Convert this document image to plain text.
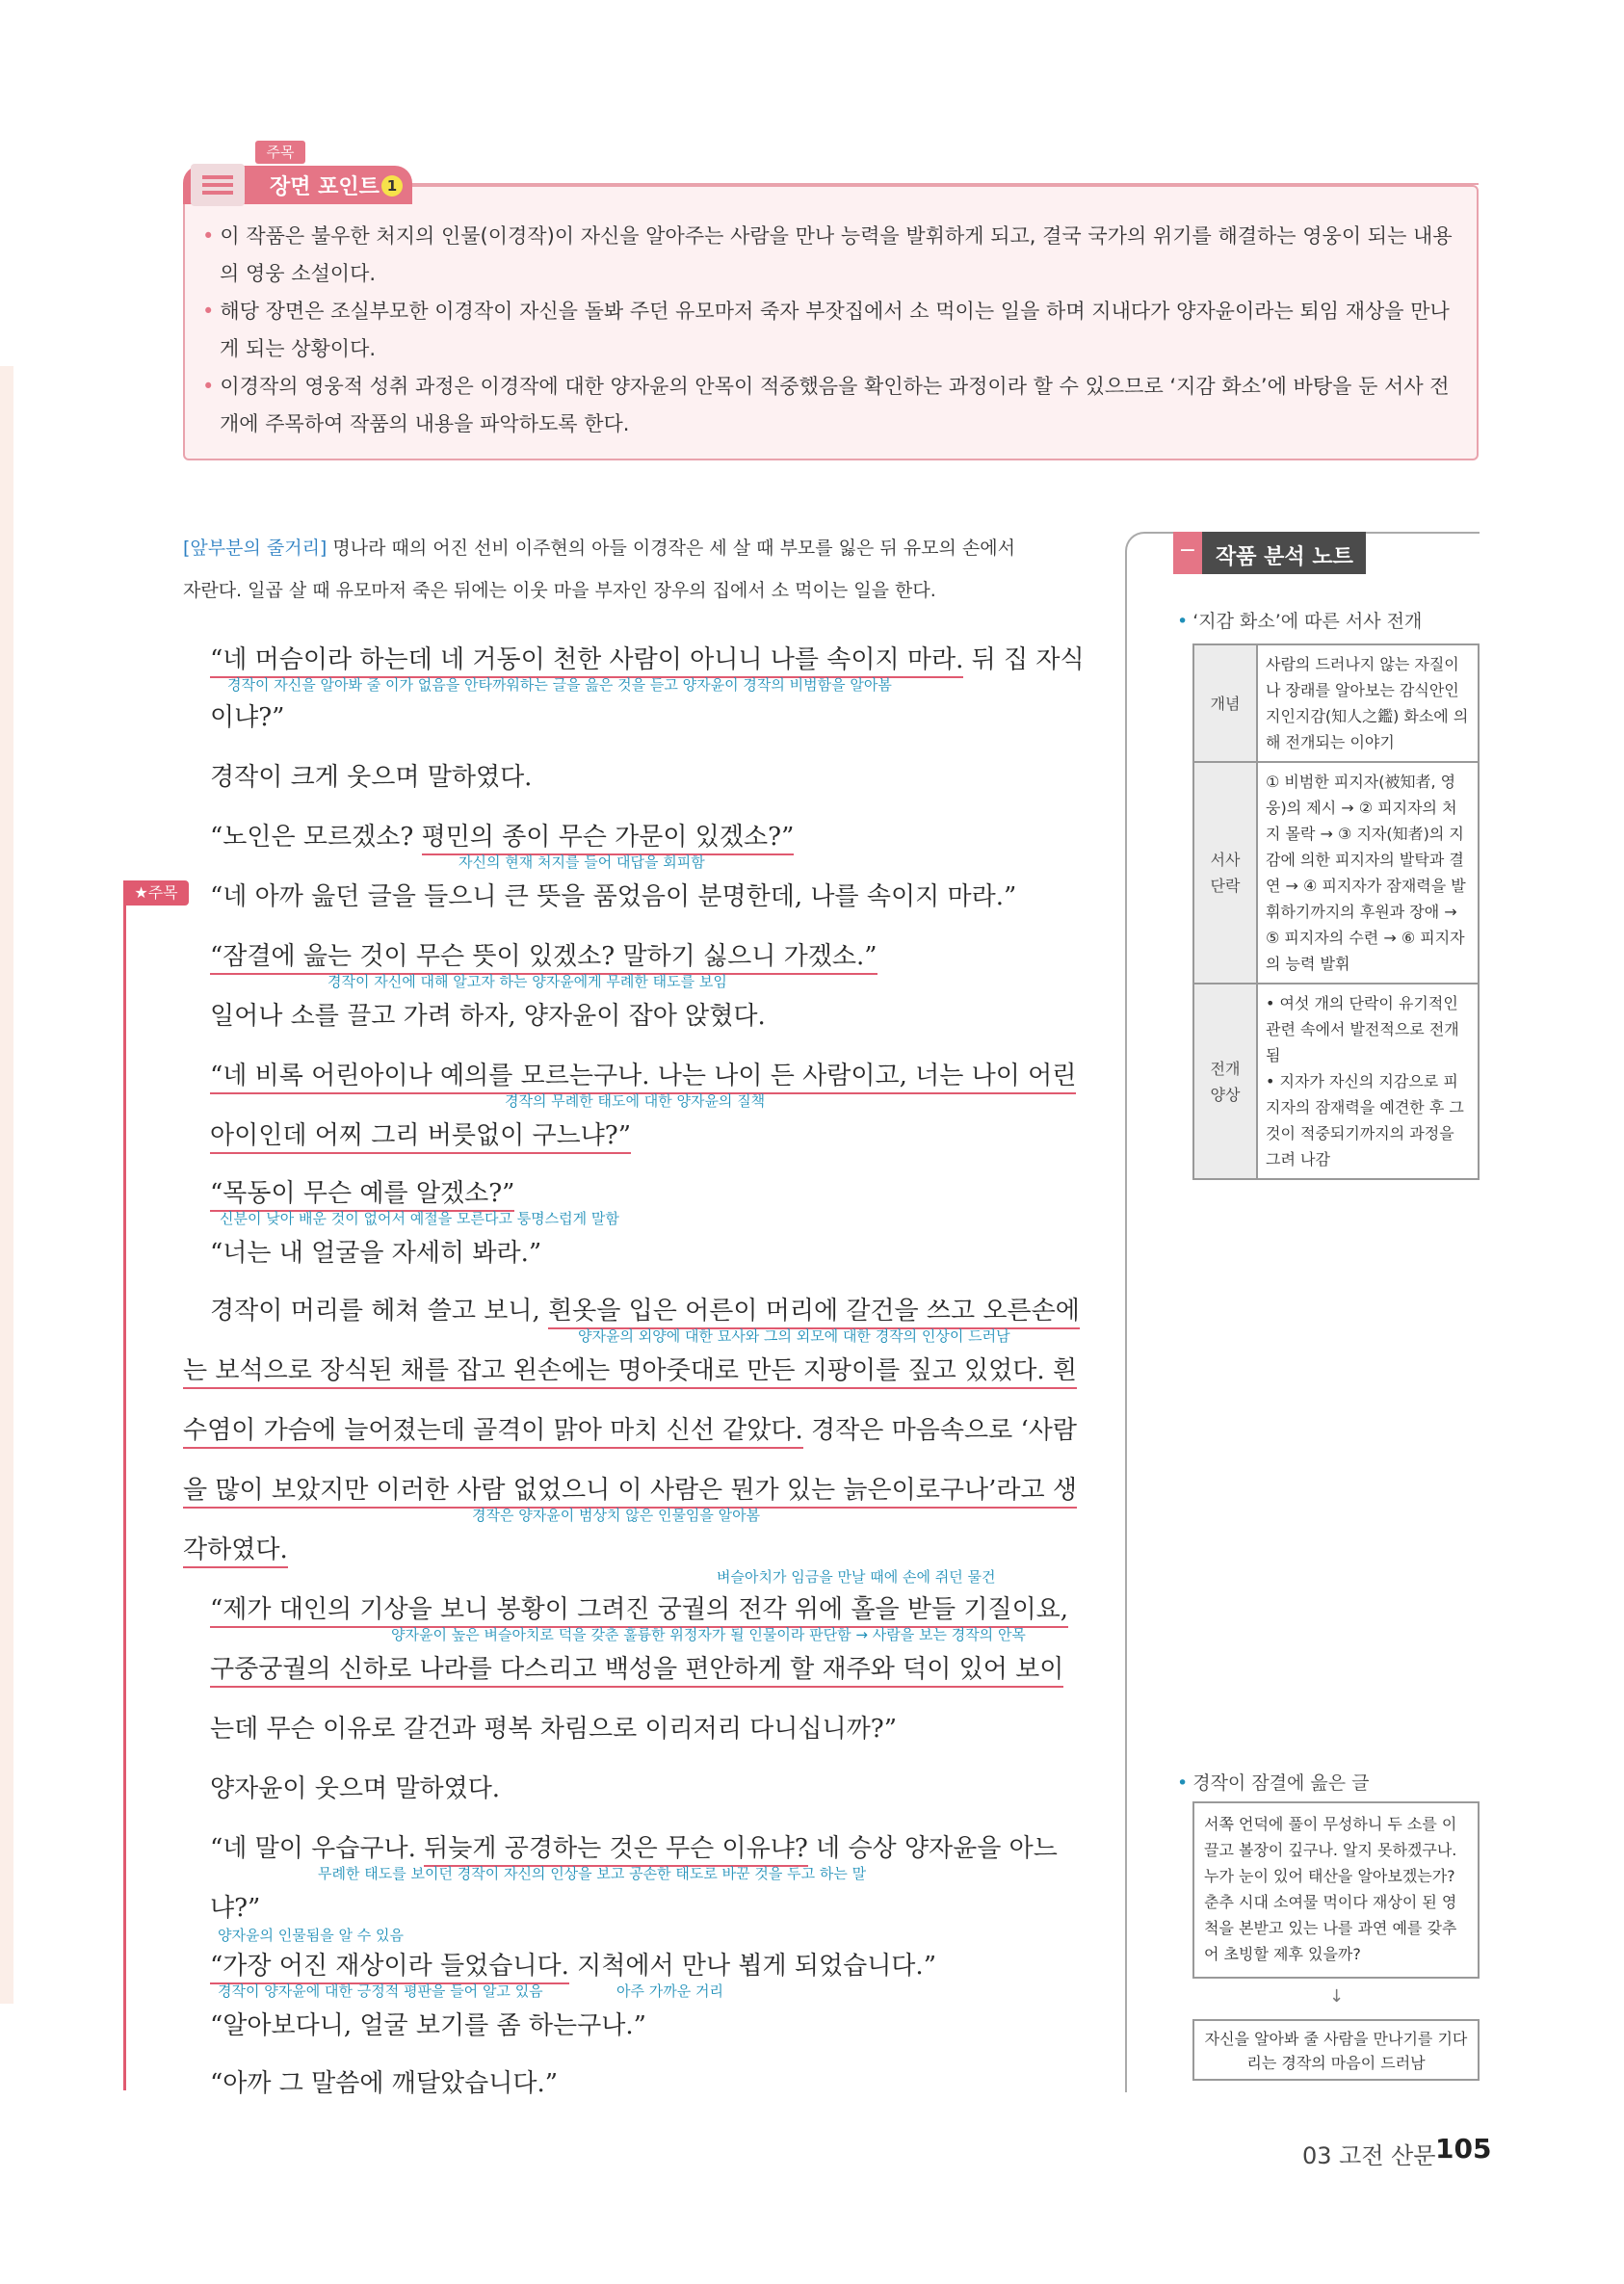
주목
장면 포인트 1
• 이 작품은 불우한 처지의 인물(이경작)이 자신을 알아주는 사람을 만나 능력을 발휘하게 되고, 결국 국가의 위기를 해결하는 영웅이 되는 내용
의 영웅 소설이다.
• 해당 장면은 조실부모한 이경작이 자신을 돌봐 주던 유모마저 죽자 부잣집에서 소 먹이는 일을 하며 지내다가 양자윤이라는 퇴임 재상을 만나
게 되는 상황이다.
• 이경작의 영웅적 성취 과정은 이경작에 대한 양자윤의 안목이 적중했음을 확인하는 과정이라 할 수 있으므로 ‘지감 화소’에 바탕을 둔 서사 전
개에 주목하여 작품의 내용을 파악하도록 한다.
[앞부분의 줄거리] 명나라 때의 어진 선비 이주현의 아들 이경작은 세 살 때 부모를 잃은 뒤 유모의 손에서
자란다. 일곱 살 때 유모마저 죽은 뒤에는 이웃 마을 부자인 장우의 집에서 소 먹이는 일을 한다.
★주목
“네 머슴이라 하는데 네 거동이 천한 사람이 아니니 나를 속이지 마라. 뒤 집 자식
경작이 자신을 알아봐 줄 이가 없음을 안타까워하는 글을 읊은 것을 듣고 양자윤이 경작의 비범함을 알아봄
이냐?”
경작이 크게 웃으며 말하였다.
“노인은 모르겠소? 평민의 종이 무슨 가문이 있겠소?”
자신의 현재 처지를 들어 대답을 회피함
“네 아까 읊던 글을 들으니 큰 뜻을 품었음이 분명한데, 나를 속이지 마라.”
“잠결에 읊는 것이 무슨 뜻이 있겠소? 말하기 싫으니 가겠소.”
경작이 자신에 대해 알고자 하는 양자윤에게 무례한 태도를 보임
일어나 소를 끌고 가려 하자, 양자윤이 잡아 앉혔다.
“네 비록 어린아이나 예의를 모르는구나. 나는 나이 든 사람이고, 너는 나이 어린
경작의 무례한 태도에 대한 양자윤의 질책
아이인데 어찌 그리 버릇없이 구느냐?”
“목동이 무슨 예를 알겠소?”
신분이 낮아 배운 것이 없어서 예절을 모른다고 퉁명스럽게 말함
“너는 내 얼굴을 자세히 봐라.”
경작이 머리를 헤쳐 쓸고 보니, 흰옷을 입은 어른이 머리에 갈건을 쓰고 오른손에
양자윤의 외양에 대한 묘사와 그의 외모에 대한 경작의 인상이 드러남
는 보석으로 장식된 채를 잡고 왼손에는 명아줏대로 만든 지팡이를 짚고 있었다. 흰
수염이 가슴에 늘어졌는데 골격이 맑아 마치 신선 같았다. 경작은 마음속으로 ‘사람
을 많이 보았지만 이러한 사람 없었으니 이 사람은 뭔가 있는 늙은이로구나’라고 생
경작은 양자윤이 범상치 않은 인물임을 알아봄
각하였다.
벼슬아치가 임금을 만날 때에 손에 쥐던 물건
“제가 대인의 기상을 보니 봉황이 그려진 궁궐의 전각 위에 홀을 받들 기질이요,
양자윤이 높은 벼슬아치로 덕을 갖춘 훌륭한 위정자가 될 인물이라 판단함 → 사람을 보는 경작의 안목
구중궁궐의 신하로 나라를 다스리고 백성을 편안하게 할 재주와 덕이 있어 보이
는데 무슨 이유로 갈건과 평복 차림으로 이리저리 다니십니까?”
양자윤이 웃으며 말하였다.
“네 말이 우습구나. 뒤늦게 공경하는 것은 무슨 이유냐? 네 승상 양자윤을 아느
무례한 태도를 보이던 경작이 자신의 인상을 보고 공손한 태도로 바꾼 것을 두고 하는 말
냐?”
양자윤의 인물됨을 알 수 있음
“가장 어진 재상이라 들었습니다. 지척에서 만나 뵙게 되었습니다.”
경작이 양자윤에 대한 긍정적 평판을 들어 알고 있음	아주 가까운 거리
“알아보다니, 얼굴 보기를 좀 하는구나.”
“아까 그 말씀에 깨달았습니다.”
− 작품 분석 노트
• ‘지감 화소’에 따른 서사 전개
개념	사람의 드러나지 않는 자질이나 장래를 알아보는 감식안인 지인지감(知人之鑑) 화소에 의해 전개되는 이야기
서사 단락	① 비범한 피지자(被知者, 영웅)의 제시 → ② 피지자의 처지 몰락 → ③ 지자(知者)의 지감에 의한 피지자의 발탁과 결연 → ④ 피지자가 잠재력을 발휘하기까지의 후원과 장애 → ⑤ 피지자의 수련 → ⑥ 피지자의 능력 발휘
전개 양상	• 여섯 개의 단락이 유기적인 관련 속에서 발전적으로 전개됨
• 지자가 자신의 지감으로 피지자의 잠재력을 예견한 후 그것이 적중되기까지의 과정을 그려 나감
• 경작이 잠결에 읊은 글
서쪽 언덕에 풀이 무성하니 두 소를 이끌고 볼장이 깊구나. 알지 못하겠구나. 누가 눈이 있어 태산을 알아보겠는가? 춘추 시대 소여물 먹이다 재상이 된 영척을 본받고 있는 나를 과연 예를 갖추어 초빙할 제후 있을까?
↓
자신을 알아봐 줄 사람을 만나기를 기다리는 경작의 마음이 드러남
03 고전 산문 105
